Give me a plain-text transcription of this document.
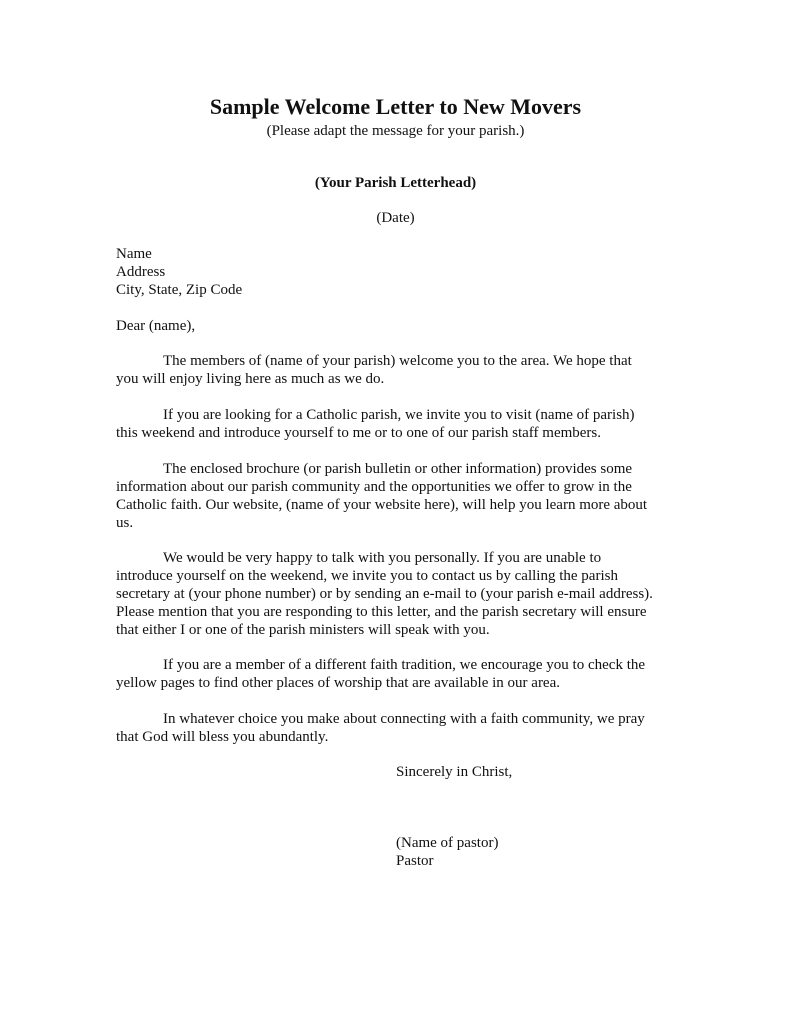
Sample Welcome Letter to New Movers
(Please adapt the message for your parish.)
(Your Parish Letterhead)
(Date)
Name
Address
City, State, Zip Code
Dear (name),
The members of (name of your parish) welcome you to the area. We hope that
you will enjoy living here as much as we do.
If you are looking for a Catholic parish, we invite you to visit (name of parish)
this weekend and introduce yourself to me or to one of our parish staff members.
The enclosed brochure (or parish bulletin or other information) provides some
information about our parish community and the opportunities we offer to grow in the
Catholic faith. Our website, (name of your website here), will help you learn more about
us.
We would be very happy to talk with you personally. If you are unable to
introduce yourself on the weekend, we invite you to contact us by calling the parish
secretary at (your phone number) or by sending an e-mail to (your parish e-mail address).
Please mention that you are responding to this letter, and the parish secretary will ensure
that either I or one of the parish ministers will speak with you.
If you are a member of a different faith tradition, we encourage you to check the
yellow pages to find other places of worship that are available in our area.
In whatever choice you make about connecting with a faith community, we pray
that God will bless you abundantly.
Sincerely in Christ,
(Name of pastor)
Pastor
